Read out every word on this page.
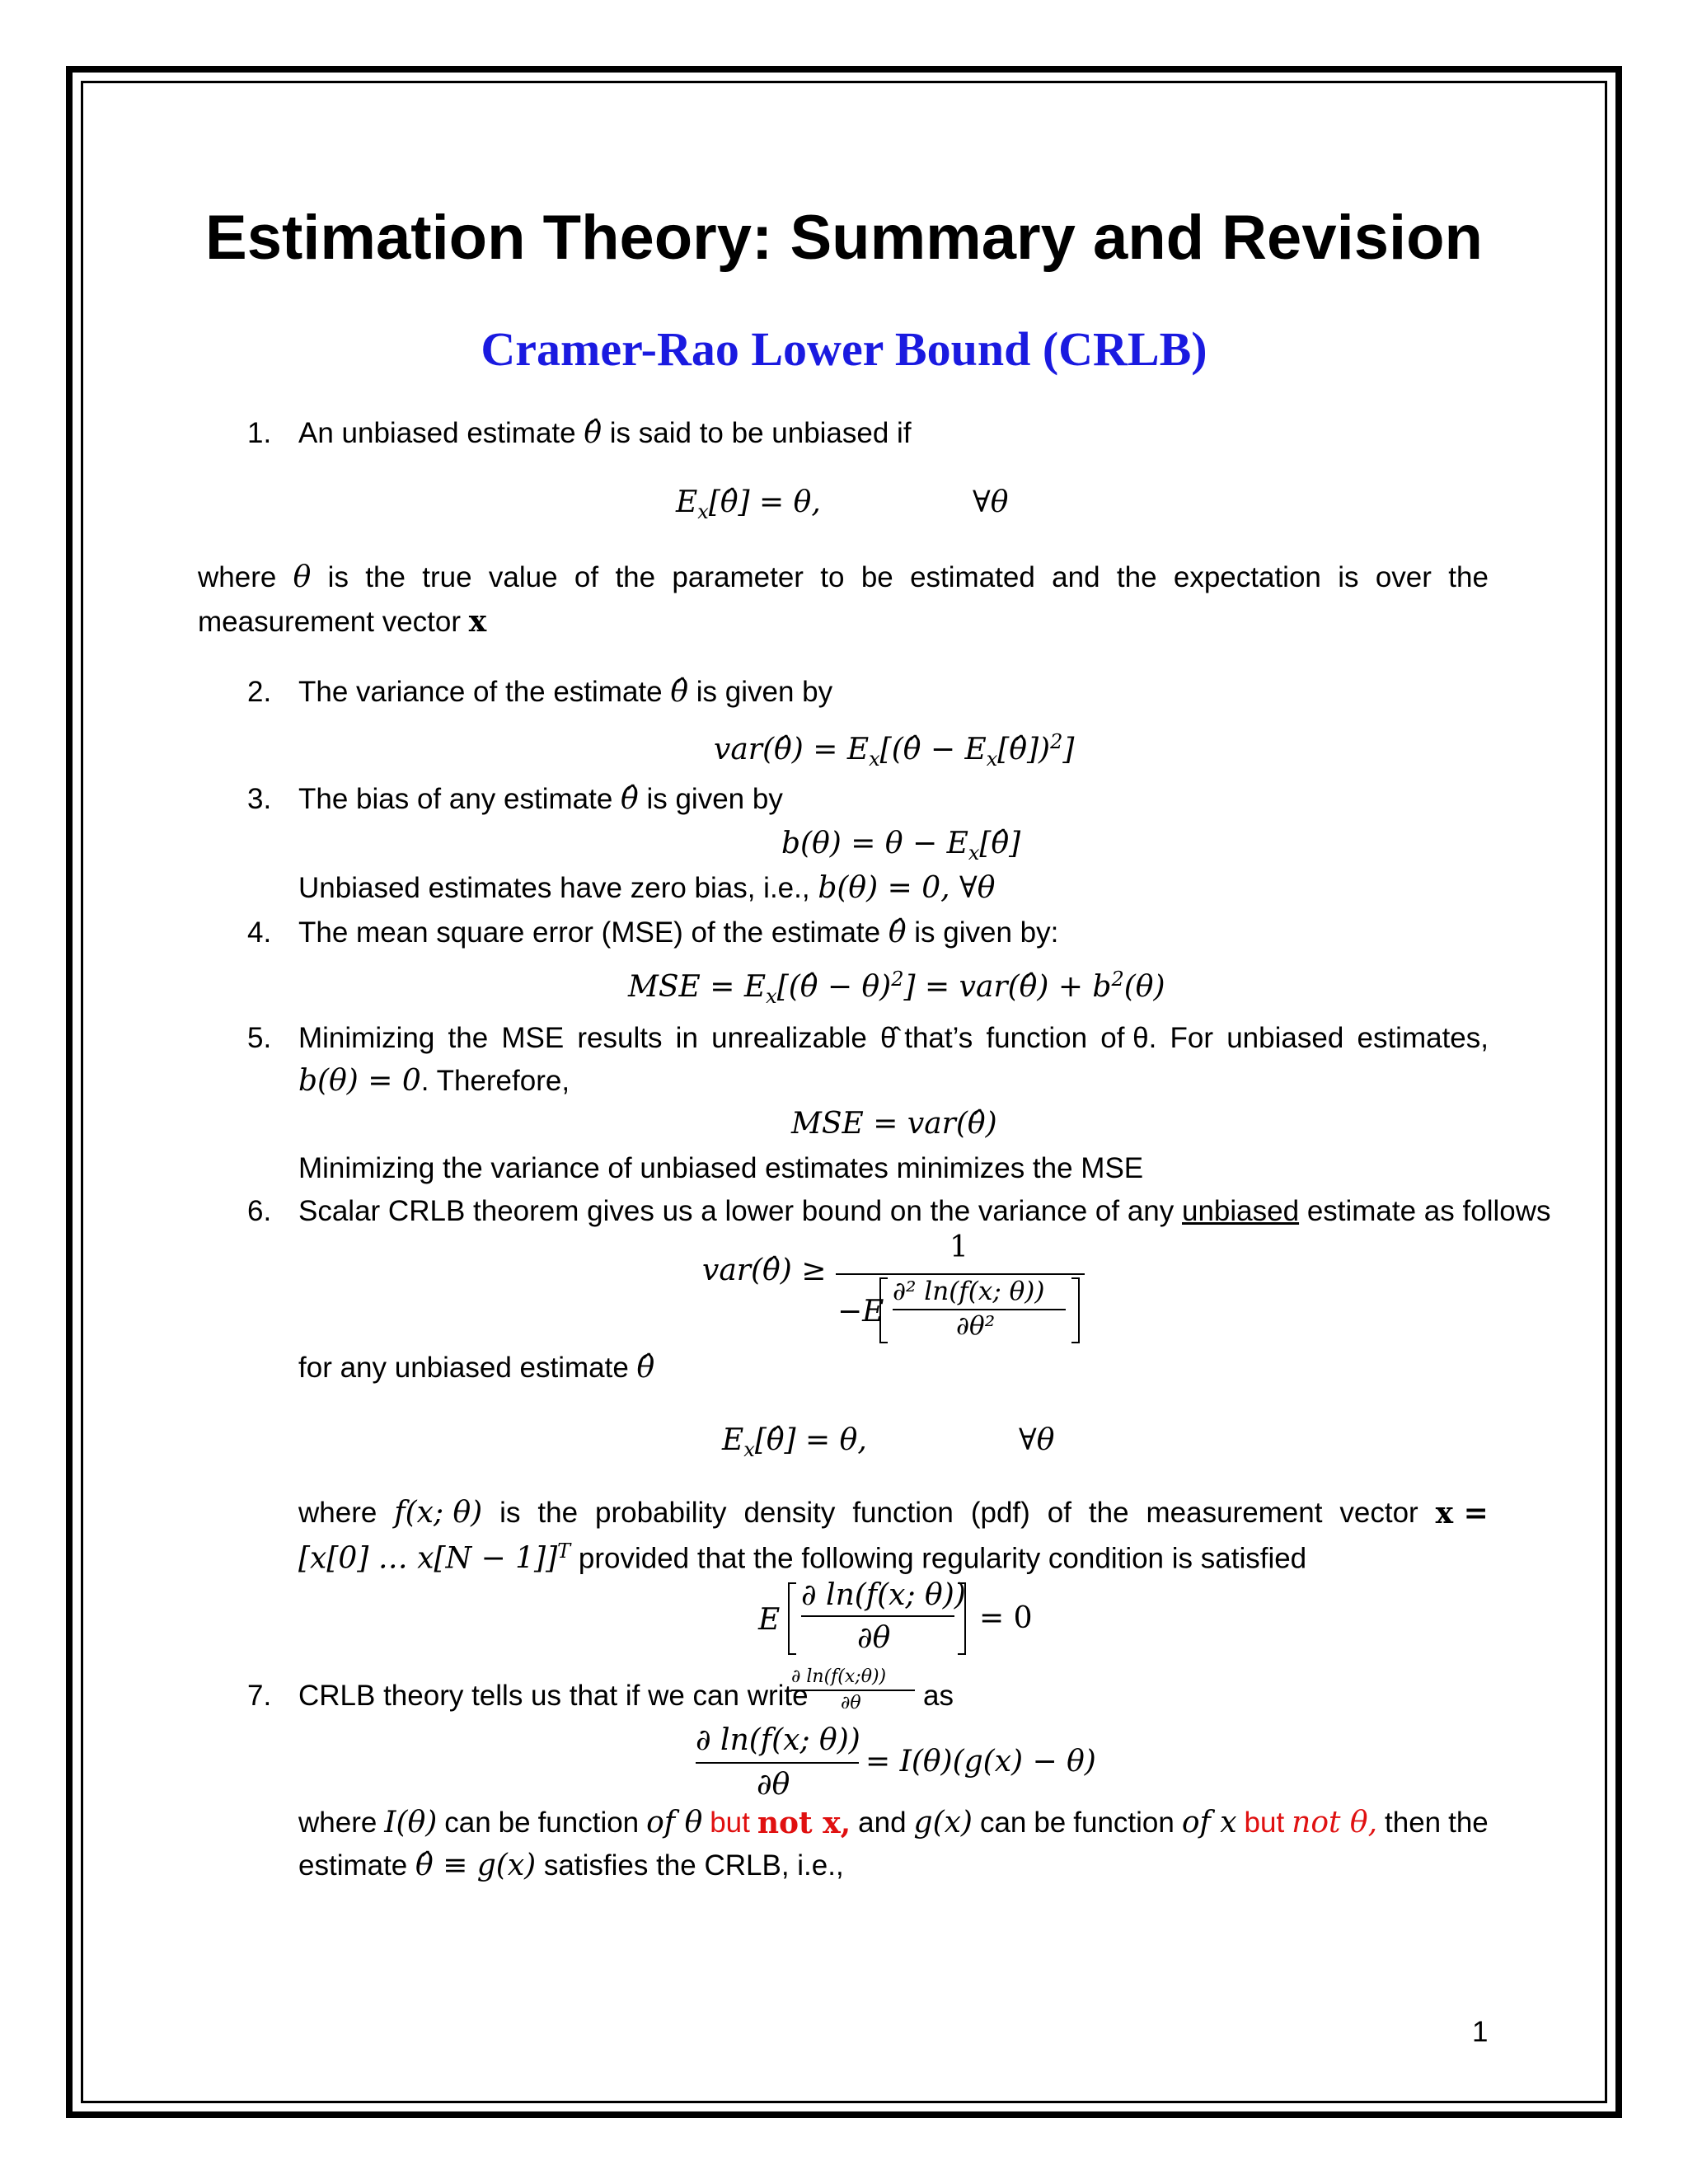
Estimation Theory: Summary and Revision
Cramer-Rao Lower Bound (CRLB)
1. An unbiased estimate θ̂ is said to be unbiased if
$E_x[\thetâ] = \theta$,	∀θ
where θ is the true value of the parameter to be estimated and the expectation is over the
measurement vector x
2. The variance of the estimate θ̂ is given by
var(θ̂) = $E_x[(\thetâ$ − $E_x[\thetâ])^2$]
3. The bias of any estimate θ̂ is given by
$b(\theta) = \theta - E_x[\thetâ]$
Unbiased estimates have zero bias, i.e., b(θ) = 0, ∀θ
4. The mean square error (MSE) of the estimate θ̂ is given by:
MSE = $E_x[(\thetâ - \theta)^2]$ = var(θ̂) + $b^2(\theta)$
5. Minimizing the MSE results in unrealizable θ̂ that’s function of θ. For unbiased estimates,
b(θ) = 0. Therefore,
MSE = var(θ̂)
Minimizing the variance of unbiased estimates minimizes the MSE
6. Scalar CRLB theorem gives us a lower bound on the variance of any unbiased estimate as follows
var(θ̂) ≥
1
−E
∂² ln(f(x; θ))
∂θ²
for any unbiased estimate θ̂
$E_x[\thetâ] = \theta$,	∀θ
where f(x; θ) is the probability density function (pdf) of the measurement vector x =
[x[0] … x[N − 1]]$^T$ provided that the following regularity condition is satisfied
E
∂ ln(f(x; θ))
∂θ
= 0
7. CRLB theory tells us that if we can write
∂ ln(f(x;θ))
∂θ as
∂ ln(f(x; θ))
∂θ
= I(θ)(g(x) − θ)
where I(θ) can be function of θ but not x, and g(x) can be function of x but not θ, then the
estimate θ̂ ≡ g(x) satisfies the CRLB, i.e.,
1
